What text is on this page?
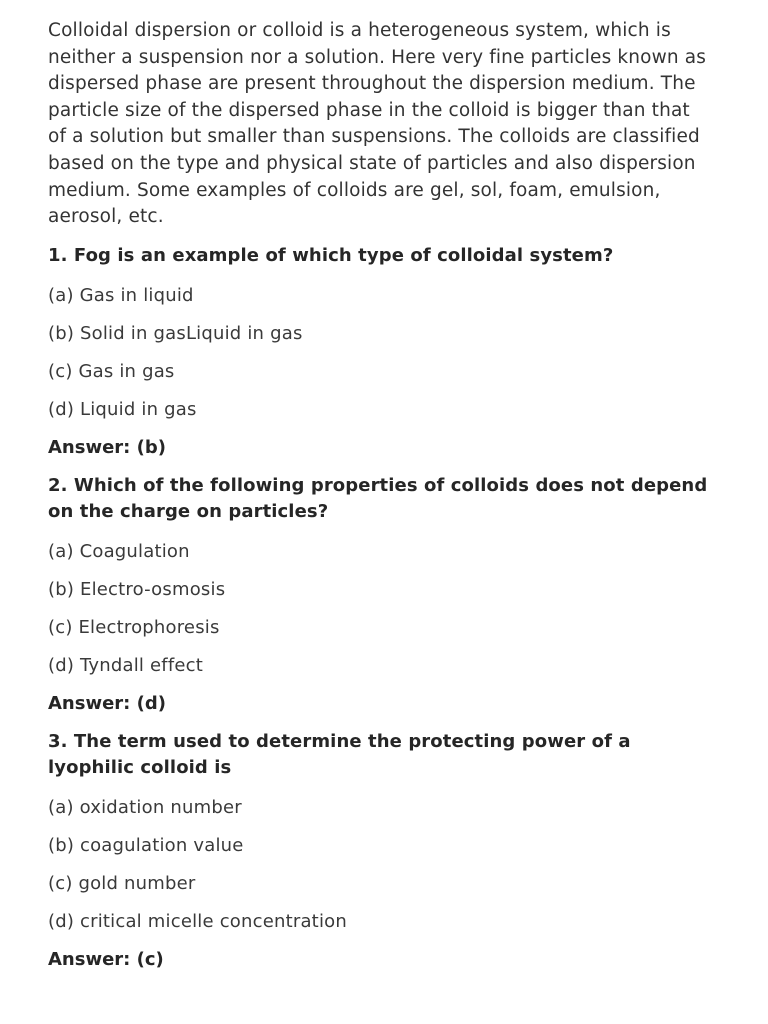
Colloidal dispersion or colloid is a heterogeneous system, which is neither a suspension nor a solution. Here very fine particles known as dispersed phase are present throughout the dispersion medium. The particle size of the dispersed phase in the colloid is bigger than that of a solution but smaller than suspensions. The colloids are classified based on the type and physical state of particles and also dispersion medium. Some examples of colloids are gel, sol, foam, emulsion, aerosol, etc.

1. Fog is an example of which type of colloidal system?

(a) Gas in liquid

(b) Solid in gasLiquid in gas

(c) Gas in gas

(d) Liquid in gas

Answer: (b)

2. Which of the following properties of colloids does not depend on the charge on particles?

(a) Coagulation

(b) Electro-osmosis

(c) Electrophoresis

(d) Tyndall effect

Answer: (d)

3. The term used to determine the protecting power of a lyophilic colloid is

(a) oxidation number

(b) coagulation value

(c) gold number

(d) critical micelle concentration

Answer: (c)
